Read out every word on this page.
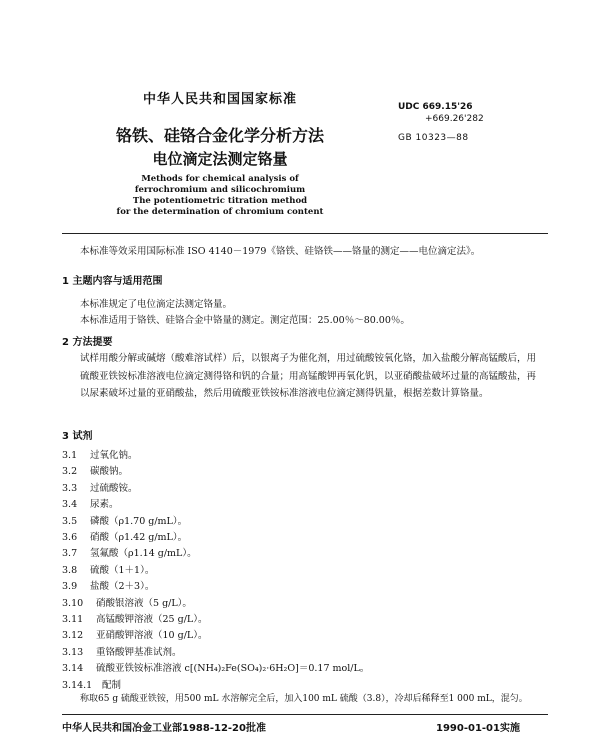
中华人民共和国国家标准	UDC 669.15'26
+669.26'282
GB 10323—88
铬铁、硅铬合金化学分析方法
电位滴定法测定铬量
Methods for chemical analysis of
ferrochromium and silicochromium
The potentiometric titration method
for the determination of chromium content
本标准等效采用国际标准 ISO 4140－1979《铬铁、硅铬铁——铬量的测定——电位滴定法》。
1 主题内容与适用范围
本标准规定了电位滴定法测定铬量。
本标准适用于铬铁、硅铬合金中铬量的测定。测定范围：25.00％～80.00％。
2 方法提要
试样用酸分解或碱熔（酸难溶试样）后，以银离子为催化剂，用过硫酸铵氧化铬，加入盐酸分解高锰酸后，用硫酸亚铁铵标准溶液电位滴定测得铬和钒的合量；用高锰酸钾再氧化钒，以亚硝酸盐破坏过量的高锰酸盐，再以尿素破坏过量的亚硝酸盐，然后用硫酸亚铁铵标准溶液电位滴定测得钒量，根据差数计算铬量。
3 试剂
3.1 过氧化钠。
3.2 碳酸钠。
3.3 过硫酸铵。
3.4 尿素。
3.5 磷酸（ρ1.70 g/mL）。
3.6 硝酸（ρ1.42 g/mL）。
3.7 氢氟酸（ρ1.14 g/mL）。
3.8 硫酸（1＋1）。
3.9 盐酸（2＋3）。
3.10 硝酸银溶液（5 g/L）。
3.11 高锰酸钾溶液（25 g/L）。
3.12 亚硝酸钾溶液（10 g/L）。
3.13 重铬酸钾基准试剂。
3.14 硫酸亚铁铵标准溶液 c[(NH₄)₂Fe(SO₄)₂·6H₂O]＝0.17 mol/L。
中华人民共和国冶金工业部1988-12-20批准	1990-01-01实施
3.14.1 配制
称取65 g 硫酸亚铁铵，用500 mL 水溶解完全后，加入100 mL 硫酸（3.8），冷却后稀释至1 000 mL，混匀。
